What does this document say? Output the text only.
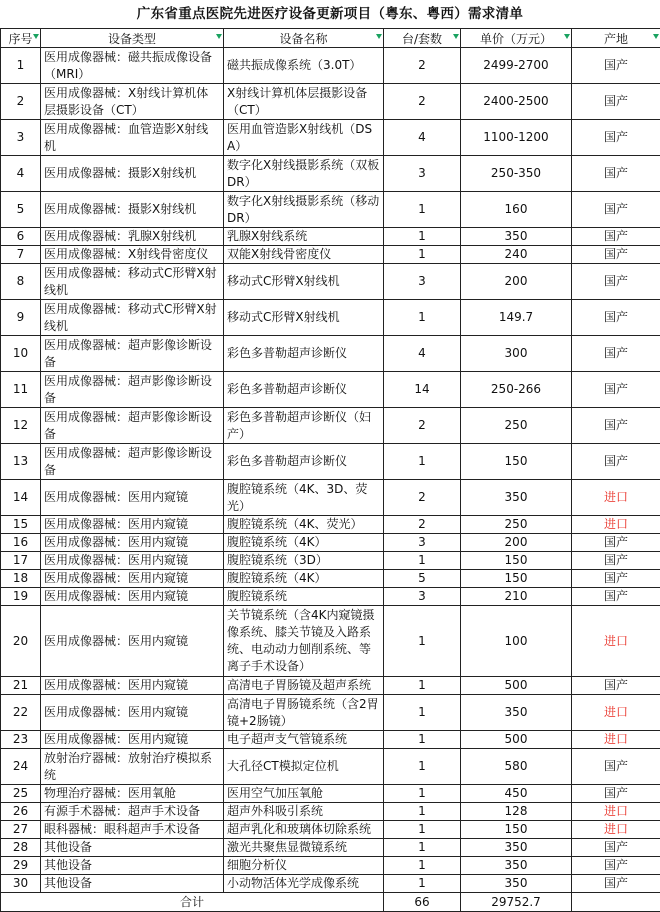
广东省重点医院先进医疗设备更新项目（粤东、粤西）需求清单
序号	设备类型	设备名称	台/套数	单价（万元）	产地

1	医用成像器械：磁共振成像设备（MRI）	磁共振成像系统（3.0T）	2	2499-2700	国产
2	医用成像器械：X射线计算机体层摄影设备（CT）	X射线计算机体层摄影设备（CT）	2	2400-2500	国产
3	医用成像器械：血管造影X射线机	医用血管造影X射线机（DSA）	4	1100-1200	国产
4	医用成像器械：摄影X射线机	数字化X射线摄影系统（双板DR）	3	250-350	国产
5	医用成像器械：摄影X射线机	数字化X射线摄影系统（移动DR）	1	160	国产
6	医用成像器械：乳腺X射线机	乳腺X射线系统	1	350	国产
7	医用成像器械：X射线骨密度仪	双能X射线骨密度仪	1	240	国产
8	医用成像器械：移动式C形臂X射线机	移动式C形臂X射线机	3	200	国产
9	医用成像器械：移动式C形臂X射线机	移动式C形臂X射线机	1	149.7	国产
10	医用成像器械：超声影像诊断设备	彩色多普勒超声诊断仪	4	300	国产
11	医用成像器械：超声影像诊断设备	彩色多普勒超声诊断仪	14	250-266	国产
12	医用成像器械：超声影像诊断设备	彩色多普勒超声诊断仪（妇产）	2	250	国产
13	医用成像器械：超声影像诊断设备	彩色多普勒超声诊断仪	1	150	国产
14	医用成像器械：医用内窥镜	腹腔镜系统（4K、3D、荧光）	2	350	进口
15	医用成像器械：医用内窥镜	腹腔镜系统（4K、荧光）	2	250	进口
16	医用成像器械：医用内窥镜	腹腔镜系统（4K）	3	200	国产
17	医用成像器械：医用内窥镜	腹腔镜系统（3D）	1	150	国产
18	医用成像器械：医用内窥镜	腹腔镜系统（4K）	5	150	国产
19	医用成像器械：医用内窥镜	腹腔镜系统	3	210	国产
20	医用成像器械：医用内窥镜	关节镜系统（含4K内窥镜摄像系统、膝关节镜及入路系统、电动动力刨削系统、等离子手术设备）	1	100	进口
21	医用成像器械：医用内窥镜	高清电子胃肠镜及超声系统	1	500	国产
22	医用成像器械：医用内窥镜	高清电子胃肠镜系统（含2胃镜+2肠镜）	1	350	进口
23	医用成像器械：医用内窥镜	电子超声支气管镜系统	1	500	进口
24	放射治疗器械：放射治疗模拟系统	大孔径CT模拟定位机	1	580	国产
25	物理治疗器械：医用氧舱	医用空气加压氧舱	1	450	国产
26	有源手术器械：超声手术设备	超声外科吸引系统	1	128	进口
27	眼科器械：眼科超声手术设备	超声乳化和玻璃体切除系统	1	150	进口
28	其他设备	激光共聚焦显微镜系统	1	350	国产
29	其他设备	细胞分析仪	1	350	国产
30	其他设备	小动物活体光学成像系统	1	350	国产
合计			66	29752.7	
